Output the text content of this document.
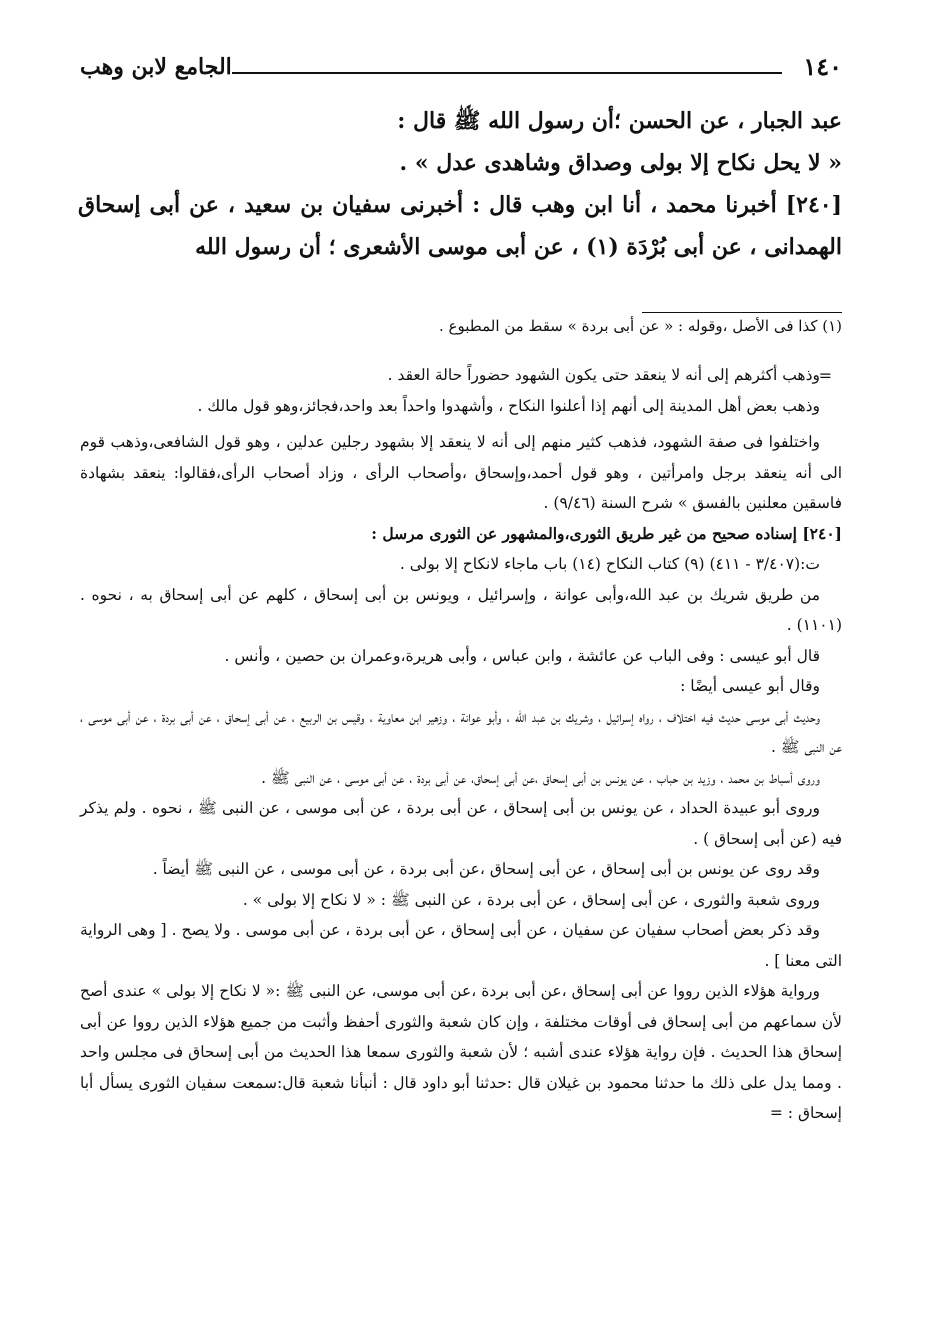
١٤٠
الجامع لابن وهب

عبد الجبار ، عن الحسن ؛أن رسول الله ﷺ قال :

« لا يحل نكاح إلا بولى وصداق وشاهدى عدل » .

[٢٤٠] أخبرنا محمد ، أنا ابن وهب قال : أخبرنى سفيان بن سعيد ، عن أبى إسحاق الهمدانى ، عن أبى بُرْدَة (١) ، عن أبى موسى الأشعرى ؛ أن رسول الله

(١) كذا فى الأصل ،وقوله : « عن أبى بردة » سقط من المطبوع .
=

وذهب أكثرهم إلى أنه لا ينعقد حتى يكون الشهود حضوراً حالة العقد .

وذهب بعض أهل المدينة إلى أنهم إذا أعلنوا النكاح ، وأشهدوا واحداً بعد واحد،فجائز،وهو قول مالك .

واختلفوا فى صفة الشهود، فذهب كثير منهم إلى أنه لا ينعقد إلا بشهود رجلين عدلين ، وهو قول الشافعى،وذهب قوم الى أنه ينعقد برجل وامرأتين ، وهو قول أحمد،وإسحاق ،وأصحاب الرأى ، وزاد أصحاب الرأى،فقالوا: ينعقد بشهادة فاسقين معلنين بالفسق » شرح السنة (٩/٤٦) .

[٢٤٠] إسناده صحيح من غير طريق الثورى،والمشهور عن الثورى مرسل :

ت:(٣/٤٠٧ - ٤١١) (٩) كتاب النكاح (١٤) باب ماجاء لانكاح إلا بولى .

من طريق شريك بن عبد الله،وأبى عوانة ، وإسرائيل ، ويونس بن أبى إسحاق ، كلهم عن أبى إسحاق به ، نحوه . (١١٠١) .

قال أبو عيسى : وفى الباب عن عائشة ، وابن عباس ، وأبى هريرة،وعمران بن حصين ، وأنس .

وقال أبو عيسى أيضًا :

وحديث أبى موسى حديث فيه اختلاف ، رواه إسرائيل ، وشريك بن عبد الله ، وأبو عوانة ، وزهير ابن معاوية ، وقيس بن الربيع ، عن أبى إسحاق ، عن أبى بردة ، عن أبى موسى ، عن النبى ﷺ .

وروى أسباط بن محمد ، وزيد بن حباب ، عن يونس بن أبى إسحاق ،عن أبى إسحاق، عن أبى بردة ، عن أبى موسى ، عن النبى ﷺ .

وروى أبو عبيدة الحداد ، عن يونس بن أبى إسحاق ، عن أبى بردة ، عن أبى موسى ، عن النبى ﷺ ، نحوه . ولم يذكر فيه (عن أبى إسحاق ) .

وقد روى عن يونس بن أبى إسحاق ، عن أبى إسحاق ،عن أبى بردة ، عن أبى موسى ، عن النبى ﷺ أيضاً .

وروى شعبة والثورى ، عن أبى إسحاق ، عن أبى بردة ، عن النبى ﷺ : « لا نكاح إلا بولى » .

وقد ذكر بعض أصحاب سفيان عن سفيان ، عن أبى إسحاق ، عن أبى بردة ، عن أبى موسى . ولا يصح . [ وهى الرواية التى معنا ] .

ورواية هؤلاء الذين رووا عن أبى إسحاق ،عن أبى بردة ،عن أبى موسى، عن النبى ﷺ :« لا نكاح إلا بولى » عندى أصح لأن سماعهم من أبى إسحاق فى أوقات مختلفة ، وإن كان شعبة والثورى أحفظ وأثبت من جميع هؤلاء الذين رووا عن أبى إسحاق هذا الحديث . فإن رواية هؤلاء عندى أشبه ؛ لأن شعبة والثورى سمعا هذا الحديث من أبى إسحاق فى مجلس واحد . ومما يدل على ذلك ما حدثنا محمود بن غيلان قال :حدثنا أبو داود قال : أنبأنا شعبة قال:سمعت سفيان الثورى يسأل أبا إسحاق : =
